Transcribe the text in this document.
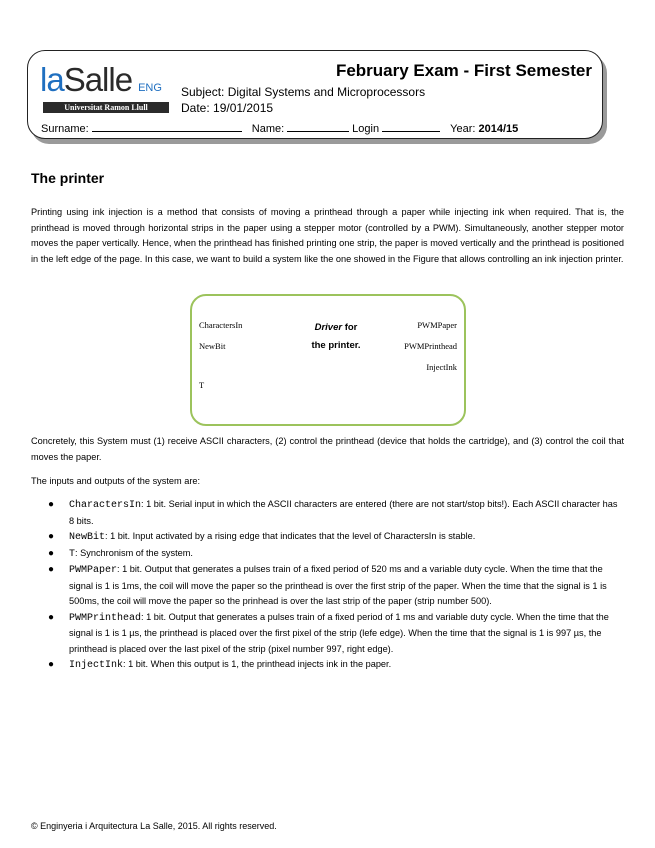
laSalle ENG
Universitat Ramon Llull
February Exam - First Semester
Subject: Digital Systems and Microprocessors
Date: 19/01/2015
Surname:	Name:	Login	Year: 2014/15
The printer

Printing using ink injection is a method that consists of moving a printhead through a paper while injecting ink when required. That is, the printhead is moved through horizontal strips in the paper using a stepper motor (controlled by a PWM). Simultaneously, another stepper motor moves the paper vertically. Hence, when the printhead has finished printing one strip, the paper is moved vertically and the printhead is positioned in the left edge of the page. In this case, we want to build a system like the one showed in the Figure that allows controlling an ink injection printer.

CharactersIn
NewBit
T
Driver for
the printer.
PWMPaper
PWMPrinthead
InjectInk

Concretely, this System must (1) receive ASCII characters, (2) control the printhead (device that holds the cartridge), and (3) control the coil that moves the paper.

The inputs and outputs of the system are:

● CharactersIn: 1 bit. Serial input in which the ASCII characters are entered (there are not start/stop bits!). Each ASCII character has 8 bits.
● NewBit: 1 bit. Input activated by a rising edge that indicates that the level of CharactersIn is stable.
● T: Synchronism of the system.
● PWMPaper: 1 bit. Output that generates a pulses train of a fixed period of 520 ms and a variable duty cycle. When the time that the signal is 1 is 1ms, the coil will move the paper so the printhead is over the first strip of the paper. When the time that the signal is 1 is 500ms, the coil will move the paper so the prinhead is over the last strip of the paper (strip number 500).
● PWMPrinthead: 1 bit. Output that generates a pulses train of a fixed period of 1 ms and variable duty cycle. When the time that the signal is 1 is 1 µs, the printhead is placed over the first pixel of the strip (lefe edge). When the time that the signal is 1 is 997 µs, the printhead is placed over the last pixel of the strip (pixel number 997, right edge).
● InjectInk: 1 bit. When this output is 1, the printhead injects ink in the paper.
© Enginyeria i Arquitectura La Salle, 2015. All rights reserved.
